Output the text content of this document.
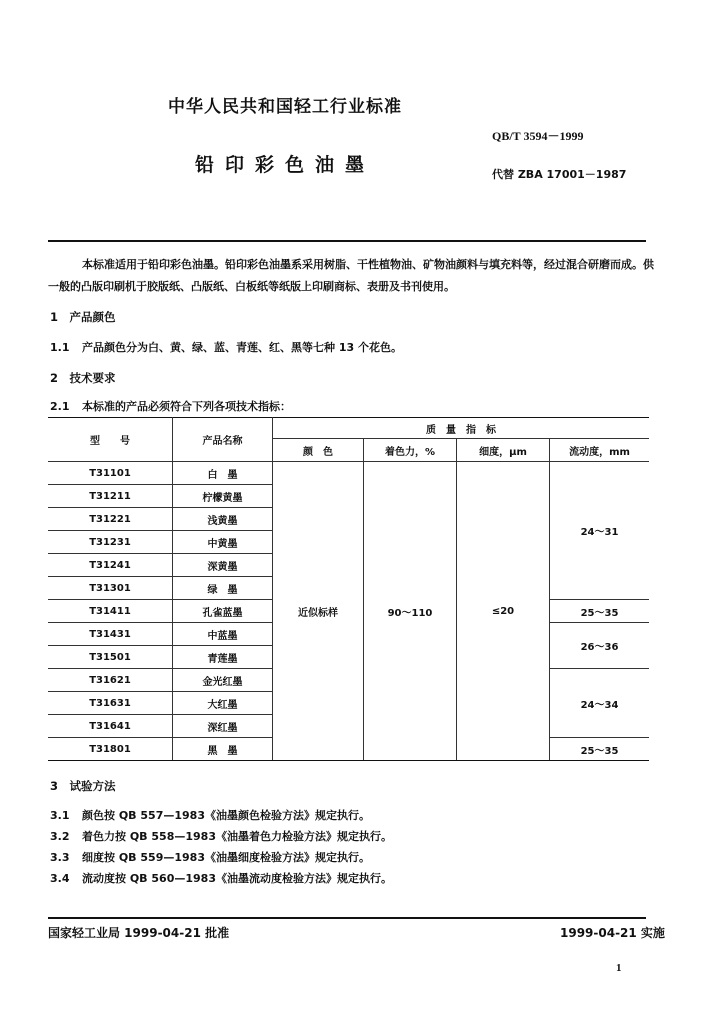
中华人民共和国轻工行业标准
QB/T 3594－1999
铅印彩色油墨	代替 ZBA 17001－1987
本标准适用于铅印彩色油墨。铅印彩色油墨系采用树脂、干性植物油、矿物油颜料与填充料等，经过混合研磨而成。供一般的凸版印刷机于胶版纸、凸版纸、白板纸等纸版上印刷商标、表册及书刊使用。
1　产品颜色
1.1 产品颜色分为白、黄、绿、蓝、青莲、红、黑等七种 13 个花色。
2　技术要求
2.1 本标准的产品必须符合下列各项技术指标：
型　　号	产品名称	质　量　指　标			
		颜　色	着色力，%	细度，μm	流动度，mm
T31101	白　墨	近似标样	90～110	≤20	24～31
T31211	柠檬黄墨				
T31221	浅黄墨				
T31231	中黄墨				
T31241	深黄墨				
T31301	绿　墨				
T31411	孔雀蓝墨				25～35
T31431	中蓝墨				26～36
T31501	青莲墨				
T31621	金光红墨				24～34
T31631	大红墨				
T31641	深红墨				
T31801	黑　墨				25～35
3　试验方法
3.1 颜色按 QB 557—1983《油墨颜色检验方法》规定执行。
3.2 着色力按 QB 558—1983《油墨着色力检验方法》规定执行。
3.3 细度按 QB 559—1983《油墨细度检验方法》规定执行。
3.4 流动度按 QB 560—1983《油墨流动度检验方法》规定执行。
国家轻工业局 1999-04-21 批准	1999-04-21 实施
1
